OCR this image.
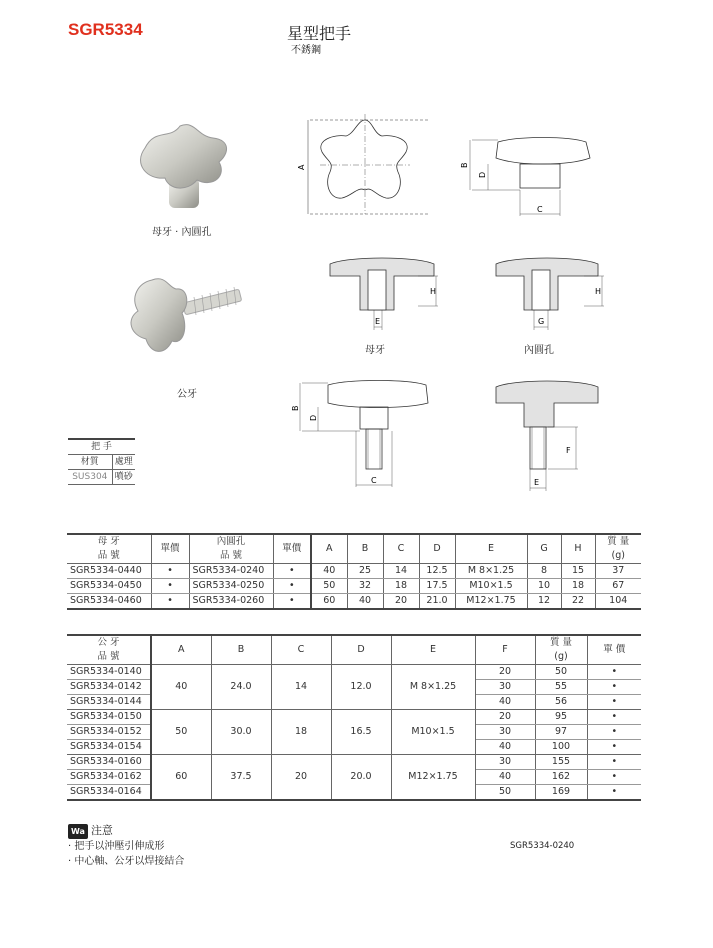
SGR5334	星型把手
不銹鋼
母牙 · 內圓孔
公牙
A	B
D
C
E
H
母牙
G
H
內圓孔
B
D
C
F
E
把 手	
材質	處理
SUS304	噴砂
母 牙	單價	內圓孔	單價	A	B	C	D	E	G	H	質 量
品 號		品 號									(g)
SGR5334-0440	•	SGR5334-0240	•	40	25	14	12.5	M 8×1.25	8	15	37
SGR5334-0450	•	SGR5334-0250	•	50	32	18	17.5	M10×1.5	10	18	67
SGR5334-0460	•	SGR5334-0260	•	60	40	20	21.0	M12×1.75	12	22	104
公 牙	A	B	C	D	E	F	質 量	單 價
品 號							(g)	
SGR5334-0140	40	24.0	14	12.0	M 8×1.25	20	50	•
SGR5334-0142						30	55	•
SGR5334-0144						40	56	•
SGR5334-0150	50	30.0	18	16.5	M10×1.5	20	95	•
SGR5334-0152						30	97	•
SGR5334-0154						40	100	•
SGR5334-0160	60	37.5	20	20.0	M12×1.75	30	155	•
SGR5334-0162						40	162	•
SGR5334-0164						50	169	•
Wa 注意
· 把手以沖壓引伸成形
· 中心軸、公牙以焊接結合
SGR5334-0240
